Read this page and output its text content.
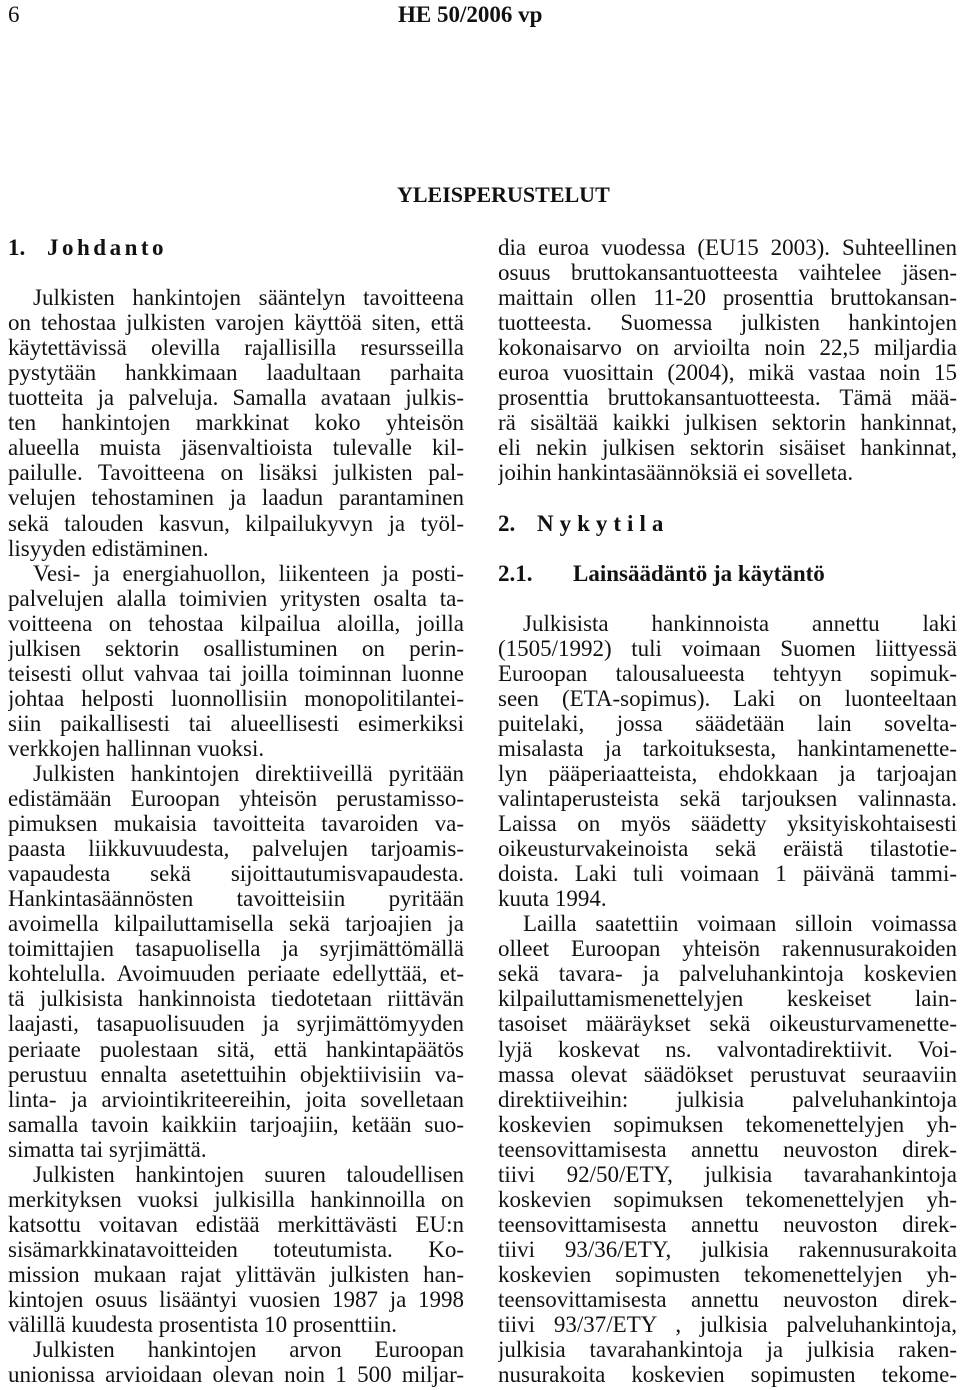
6	HE 50/2006 vp
YLEISPERUSTELUT
1. Johdanto
Julkisten hankintojen sääntelyn tavoitteena
on tehostaa julkisten varojen käyttöä siten, että
käytettävissä olevilla rajallisilla resursseilla
pystytään hankkimaan laadultaan parhaita
tuotteita ja palveluja. Samalla avataan julkis-
ten hankintojen markkinat koko yhteisön
alueella muista jäsenvaltioista tulevalle kil-
pailulle. Tavoitteena on lisäksi julkisten pal-
velujen tehostaminen ja laadun parantaminen
sekä talouden kasvun, kilpailukyvyn ja työl-
lisyyden edistäminen.
Vesi- ja energiahuollon, liikenteen ja posti-
palvelujen alalla toimivien yritysten osalta ta-
voitteena on tehostaa kilpailua aloilla, joilla
julkisen sektorin osallistuminen on perin-
teisesti ollut vahvaa tai joilla toiminnan luonne
johtaa helposti luonnollisiin monopolitilantei-
siin paikallisesti tai alueellisesti esimerkiksi
verkkojen hallinnan vuoksi.
Julkisten hankintojen direktiiveillä pyritään
edistämään Euroopan yhteisön perustamisso-
pimuksen mukaisia tavoitteita tavaroiden va-
paasta liikkuvuudesta, palvelujen tarjoamis-
vapaudesta sekä sijoittautumisvapaudesta.
Hankintasäännösten tavoitteisiin pyritään
avoimella kilpailuttamisella sekä tarjoajien ja
toimittajien tasapuolisella ja syrjimättömällä
kohtelulla. Avoimuuden periaate edellyttää, et-
tä julkisista hankinnoista tiedotetaan riittävän
laajasti, tasapuolisuuden ja syrjimättömyyden
periaate puolestaan sitä, että hankintapäätös
perustuu ennalta asetettuihin objektiivisiin va-
linta- ja arviointikriteereihin, joita sovelletaan
samalla tavoin kaikkiin tarjoajiin, ketään suo-
simatta tai syrjimättä.
Julkisten hankintojen suuren taloudellisen
merkityksen vuoksi julkisilla hankinnoilla on
katsottu voitavan edistää merkittävästi EU:n
sisämarkkinatavoitteiden toteutumista. Ko-
mission mukaan rajat ylittävän julkisten han-
kintojen osuus lisääntyi vuosien 1987 ja 1998
välillä kuudesta prosentista 10 prosenttiin.
Julkisten hankintojen arvon Euroopan
unionissa arvioidaan olevan noin 1 500 miljar-
dia euroa vuodessa (EU15 2003). Suhteellinen
osuus bruttokansantuotteesta vaihtelee jäsen-
maittain ollen 11-20 prosenttia bruttokansan-
tuotteesta. Suomessa julkisten hankintojen
kokonaisarvo on arvioilta noin 22,5 miljardia
euroa vuosittain (2004), mikä vastaa noin 15
prosenttia bruttokansantuotteesta. Tämä mää-
rä sisältää kaikki julkisen sektorin hankinnat,
eli nekin julkisen sektorin sisäiset hankinnat,
joihin hankintasäännöksiä ei sovelleta.
2. Nykytila
2.1. Lainsäädäntö ja käytäntö
Julkisista hankinnoista annettu laki
(1505/1992) tuli voimaan Suomen liittyessä
Euroopan talousalueesta tehtyyn sopimuk-
seen (ETA-sopimus). Laki on luonteeltaan
puitelaki, jossa säädetään lain sovelta-
misalasta ja tarkoituksesta, hankintamenette-
lyn pääperiaatteista, ehdokkaan ja tarjoajan
valintaperusteista sekä tarjouksen valinnasta.
Laissa on myös säädetty yksityiskohtaisesti
oikeusturvakeinoista sekä eräistä tilastotie-
doista. Laki tuli voimaan 1 päivänä tammi-
kuuta 1994.
Lailla saatettiin voimaan silloin voimassa
olleet Euroopan yhteisön rakennusurakoiden
sekä tavara- ja palveluhankintoja koskevien
kilpailuttamismenettelyjen keskeiset lain-
tasoiset määräykset sekä oikeusturvamenette-
lyjä koskevat ns. valvontadirektiivit. Voi-
massa olevat säädökset perustuvat seuraaviin
direktiiveihin: julkisia palveluhankintoja
koskevien sopimuksen tekomenettelyjen yh-
teensovittamisesta annettu neuvoston direk-
tiivi 92/50/ETY, julkisia tavarahankintoja
koskevien sopimuksen tekomenettelyjen yh-
teensovittamisesta annettu neuvoston direk-
tiivi 93/36/ETY, julkisia rakennusurakoita
koskevien sopimusten tekomenettelyjen yh-
teensovittamisesta annettu neuvoston direk-
tiivi 93/37/ETY , julkisia palveluhankintoja,
julkisia tavarahankintoja ja julkisia raken-
nusurakoita koskevien sopimusten tekome-
